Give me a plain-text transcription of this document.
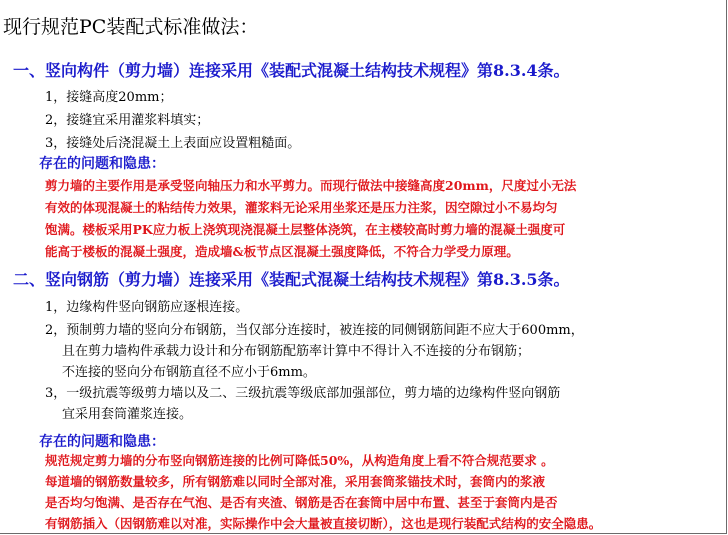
现行规范PC装配式标准做法：
一、竖向构件（剪力墙）连接采用《装配式混凝土结构技术规程》第8.3.4条。
1，接缝高度20mm；
2，接缝宜采用灌浆料填实；
3，接缝处后浇混凝土上表面应设置粗糙面。
存在的问题和隐患：
剪力墙的主要作用是承受竖向轴压力和水平剪力。而现行做法中接缝高度20mm，尺度过小无法
有效的体现混凝土的粘结传力效果，灌浆料无论采用坐浆还是压力注浆，因空隙过小不易均匀
饱满。楼板采用PK应力板上浇筑现浇混凝土层整体浇筑，在主楼较高时剪力墙的混凝土强度可
能高于楼板的混凝土强度，造成墙&板节点区混凝土强度降低，不符合力学受力原理。
二、竖向钢筋（剪力墙）连接采用《装配式混凝土结构技术规程》第8.3.5条。
1，边缘构件竖向钢筋应逐根连接。
2，预制剪力墙的竖向分布钢筋，当仅部分连接时，被连接的同侧钢筋间距不应大于600mm，
且在剪力墙构件承载力设计和分布钢筋配筋率计算中不得计入不连接的分布钢筋；
不连接的竖向分布钢筋直径不应小于6mm。
3，一级抗震等级剪力墙以及二、三级抗震等级底部加强部位，剪力墙的边缘构件竖向钢筋
宜采用套筒灌浆连接。
存在的问题和隐患：
规范规定剪力墙的分布竖向钢筋连接的比例可降低50%，从构造角度上看不符合规范要求 。
每道墙的钢筋数量较多，所有钢筋难以同时全部对准，采用套筒浆锚技术时，套筒内的浆液
是否均匀饱满、是否存在气泡、是否有夹渣、钢筋是否在套筒中居中布置、甚至于套筒内是否
有钢筋插入（因钢筋难以对准，实际操作中会大量被直接切断），这也是现行装配式结构的安全隐患。
